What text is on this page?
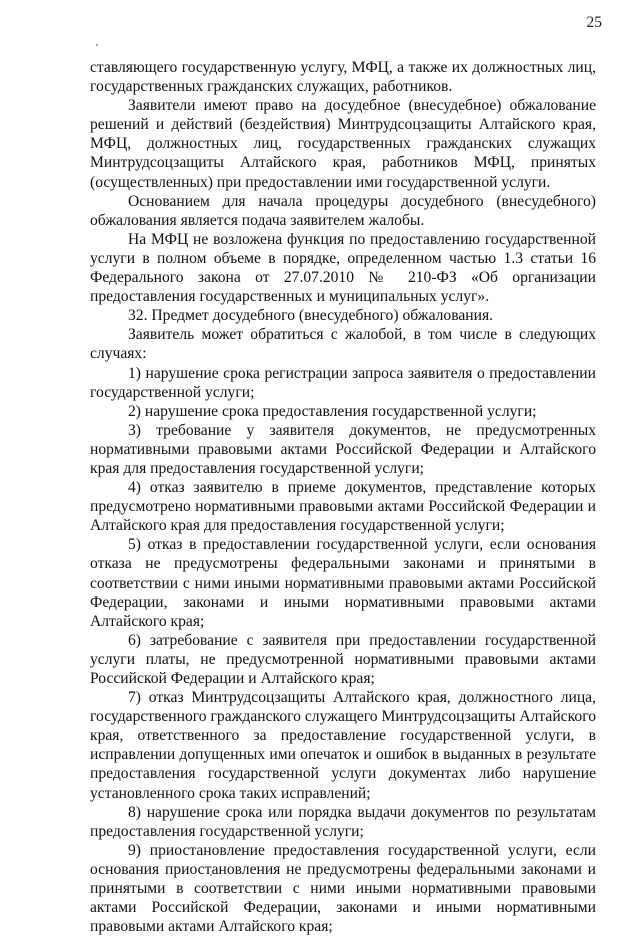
25

ставляющего государственную услугу, МФЦ, а также их должностных лиц, государственных гражданских служащих, работников.

Заявители имеют право на досудебное (внесудебное) обжалование решений и действий (бездействия) Минтрудсоцзащиты Алтайского края, МФЦ, должностных лиц, государственных гражданских служащих Минтрудсоцзащиты Алтайского края, работников МФЦ, принятых (осуществленных) при предоставлении ими государственной услуги.

Основанием для начала процедуры досудебного (внесудебного) обжалования является подача заявителем жалобы.

На МФЦ не возложена функция по предоставлению государственной услуги в полном объеме в порядке, определенном частью 1.3 статьи 16 Федерального закона от 27.07.2010 № 210-ФЗ «Об организации предоставления государственных и муниципальных услуг».

32. Предмет досудебного (внесудебного) обжалования.

Заявитель может обратиться с жалобой, в том числе в следующих случаях:

1) нарушение срока регистрации запроса заявителя о предоставлении государственной услуги;

2) нарушение срока предоставления государственной услуги;

3) требование у заявителя документов, не предусмотренных нормативными правовыми актами Российской Федерации и Алтайского края для предоставления государственной услуги;

4) отказ заявителю в приеме документов, представление которых предусмотрено нормативными правовыми актами Российской Федерации и Алтайского края для предоставления государственной услуги;

5) отказ в предоставлении государственной услуги, если основания отказа не предусмотрены федеральными законами и принятыми в соответствии с ними иными нормативными правовыми актами Российской Федерации, законами и иными нормативными правовыми актами Алтайского края;

6) затребование с заявителя при предоставлении государственной услуги платы, не предусмотренной нормативными правовыми актами Российской Федерации и Алтайского края;

7) отказ Минтрудсоцзащиты Алтайского края, должностного лица, государственного гражданского служащего Минтрудсоцзащиты Алтайского края, ответственного за предоставление государственной услуги, в исправлении допущенных ими опечаток и ошибок в выданных в результате предоставления государственной услуги документах либо нарушение установленного срока таких исправлений;

8) нарушение срока или порядка выдачи документов по результатам предоставления государственной услуги;

9) приостановление предоставления государственной услуги, если основания приостановления не предусмотрены федеральными законами и принятыми в соответствии с ними иными нормативными правовыми актами Российской Федерации, законами и иными нормативными правовыми актами Алтайского края;
